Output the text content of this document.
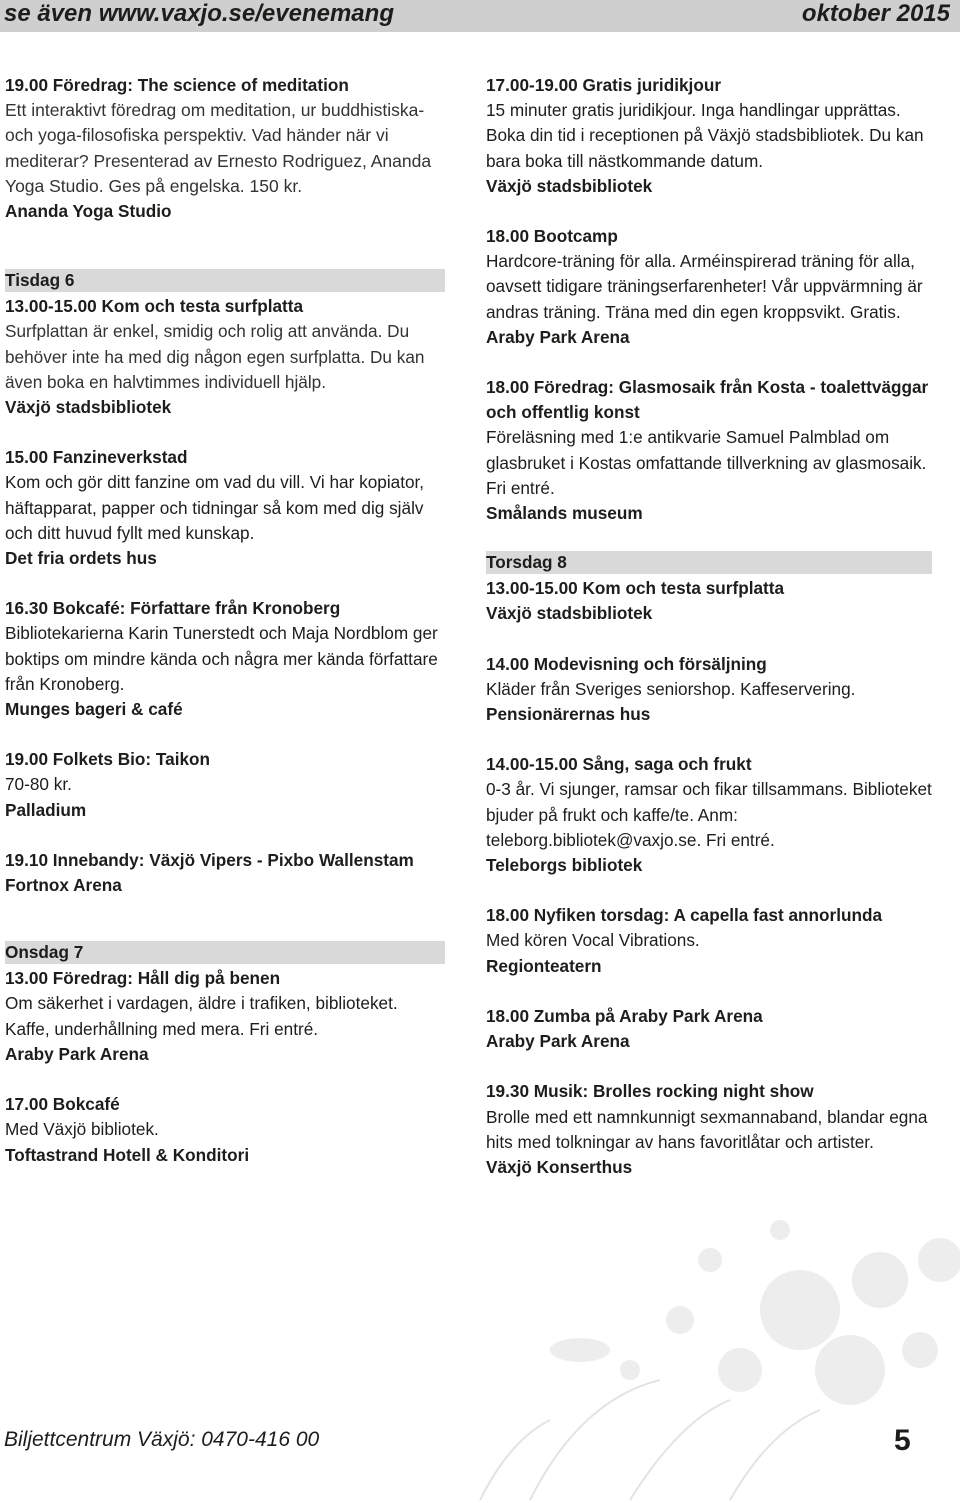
se även www.vaxjo.se/evenemang	oktober 2015
19.00 Föredrag: The science of meditation
Ett interaktivt föredrag om meditation, ur buddhistiska- och yoga-filosofiska perspektiv. Vad händer när vi mediterar? Presenterad av Ernesto Rodriguez, Ananda Yoga Studio. Ges på engelska. 150 kr.
Ananda Yoga Studio
Tisdag 6
13.00-15.00 Kom och testa surfplatta
Surfplattan är enkel, smidig och rolig att använda. Du behöver inte ha med dig någon egen surfplatta. Du kan även boka en halvtimmes individuell hjälp.
Växjö stadsbibliotek
15.00 Fanzineverkstad
Kom och gör ditt fanzine om vad du vill. Vi har kopiator, häftapparat, papper och tidningar så kom med dig själv och ditt huvud fyllt med kunskap.
Det fria ordets hus
16.30 Bokcafé: Författare från Kronoberg
Bibliotekarierna Karin Tunerstedt och Maja Nordblom ger boktips om mindre kända och några mer kända författare från Kronoberg.
Munges bageri & café
19.00 Folkets Bio: Taikon
70-80 kr.
Palladium
19.10 Innebandy: Växjö Vipers - Pixbo Wallenstam
Fortnox Arena
Onsdag 7
13.00 Föredrag: Håll dig på benen
Om säkerhet i vardagen, äldre i trafiken, biblioteket. Kaffe, underhållning med mera. Fri entré.
Araby Park Arena
17.00 Bokcafé
Med Växjö bibliotek.
Toftastrand Hotell & Konditori
17.00-19.00 Gratis juridikjour
15 minuter gratis juridikjour. Inga handlingar upprättas. Boka din tid i receptionen på Växjö stadsbibliotek. Du kan bara boka till nästkommande datum.
Växjö stadsbibliotek
18.00 Bootcamp
Hardcore-träning för alla. Arméinspirerad träning för alla, oavsett tidigare träningserfarenheter! Vår uppvärmning är andras träning. Träna med din egen kroppsvikt. Gratis.
Araby Park Arena
18.00 Föredrag: Glasmosaik från Kosta - toalettväggar och offentlig konst
Föreläsning med 1:e antikvarie Samuel Palmblad om glasbruket i Kostas omfattande tillverkning av glasmosaik. Fri entré.
Smålands museum
Torsdag 8
13.00-15.00 Kom och testa surfplatta
Växjö stadsbibliotek
14.00 Modevisning och försäljning
Kläder från Sveriges seniorshop. Kaffeservering.
Pensionärernas hus
14.00-15.00 Sång, saga och frukt
0-3 år. Vi sjunger, ramsar och fikar tillsammans. Biblioteket bjuder på frukt och kaffe/te. Anm: teleborg.bibliotek@vaxjo.se. Fri entré.
Teleborgs bibliotek
18.00 Nyfiken torsdag: A capella fast annorlunda
Med kören Vocal Vibrations.
Regionteatern
18.00 Zumba på Araby Park Arena
Araby Park Arena
19.30 Musik: Brolles rocking night show
Brolle med ett namnkunnigt sexmannaband, blandar egna hits med tolkningar av hans favoritlåtar och artister.
Växjö Konserthus
Biljettcentrum Växjö: 0470-416 00	5
